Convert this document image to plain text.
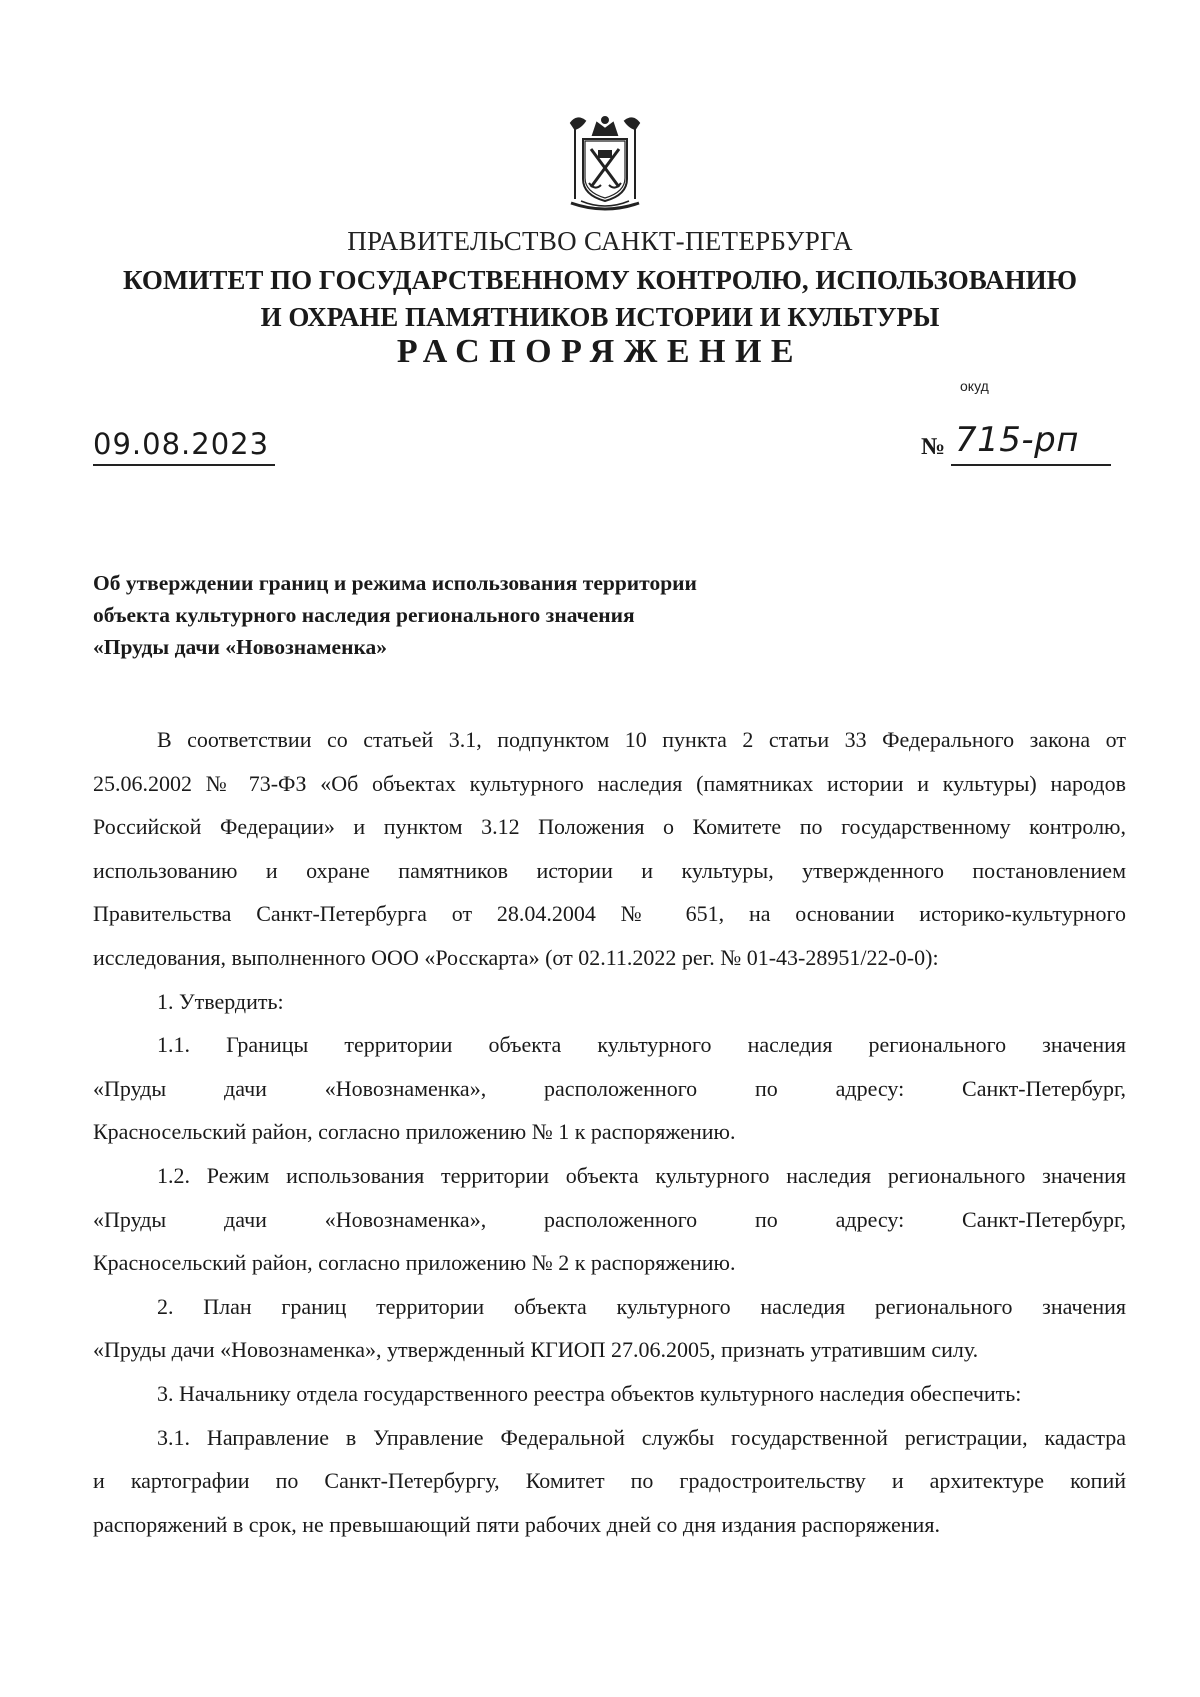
ПРАВИТЕЛЬСТВО САНКТ-ПЕТЕРБУРГА
КОМИТЕТ ПО ГОСУДАРСТВЕННОМУ КОНТРОЛЮ, ИСПОЛЬЗОВАНИЮ
И ОХРАНЕ ПАМЯТНИКОВ ИСТОРИИ И КУЛЬТУРЫ
РАСПОРЯЖЕНИЕ
окуд
09.08.2023	№ 715-рп
Об утверждении границ и режима использования территории
объекта культурного наследия регионального значения
«Пруды дачи «Новознаменка»
В соответствии со статьей 3.1, подпунктом 10 пункта 2 статьи 33 Федерального закона от
25.06.2002 № 73-ФЗ «Об объектах культурного наследия (памятниках истории и культуры) народов
Российской Федерации» и пунктом 3.12 Положения о Комитете по государственному контролю,
использованию и охране памятников истории и культуры, утвержденного постановлением
Правительства Санкт-Петербурга от 28.04.2004 № 651, на основании историко-культурного
исследования, выполненного ООО «Росскарта» (от 02.11.2022 рег. № 01-43-28951/22-0-0):
1. Утвердить:
1.1. Границы территории объекта культурного наследия регионального значения
«Пруды дачи «Новознаменка», расположенного по адресу: Санкт-Петербург,
Красносельский район, согласно приложению № 1 к распоряжению.
1.2. Режим использования территории объекта культурного наследия регионального значения
«Пруды дачи «Новознаменка», расположенного по адресу: Санкт-Петербург,
Красносельский район, согласно приложению № 2 к распоряжению.
2. План границ территории объекта культурного наследия регионального значения
«Пруды дачи «Новознаменка», утвержденный КГИОП 27.06.2005, признать утратившим силу.
3. Начальнику отдела государственного реестра объектов культурного наследия обеспечить:
3.1. Направление в Управление Федеральной службы государственной регистрации, кадастра
и картографии по Санкт-Петербургу, Комитет по градостроительству и архитектуре копий
распоряжений в срок, не превышающий пяти рабочих дней со дня издания распоряжения.
